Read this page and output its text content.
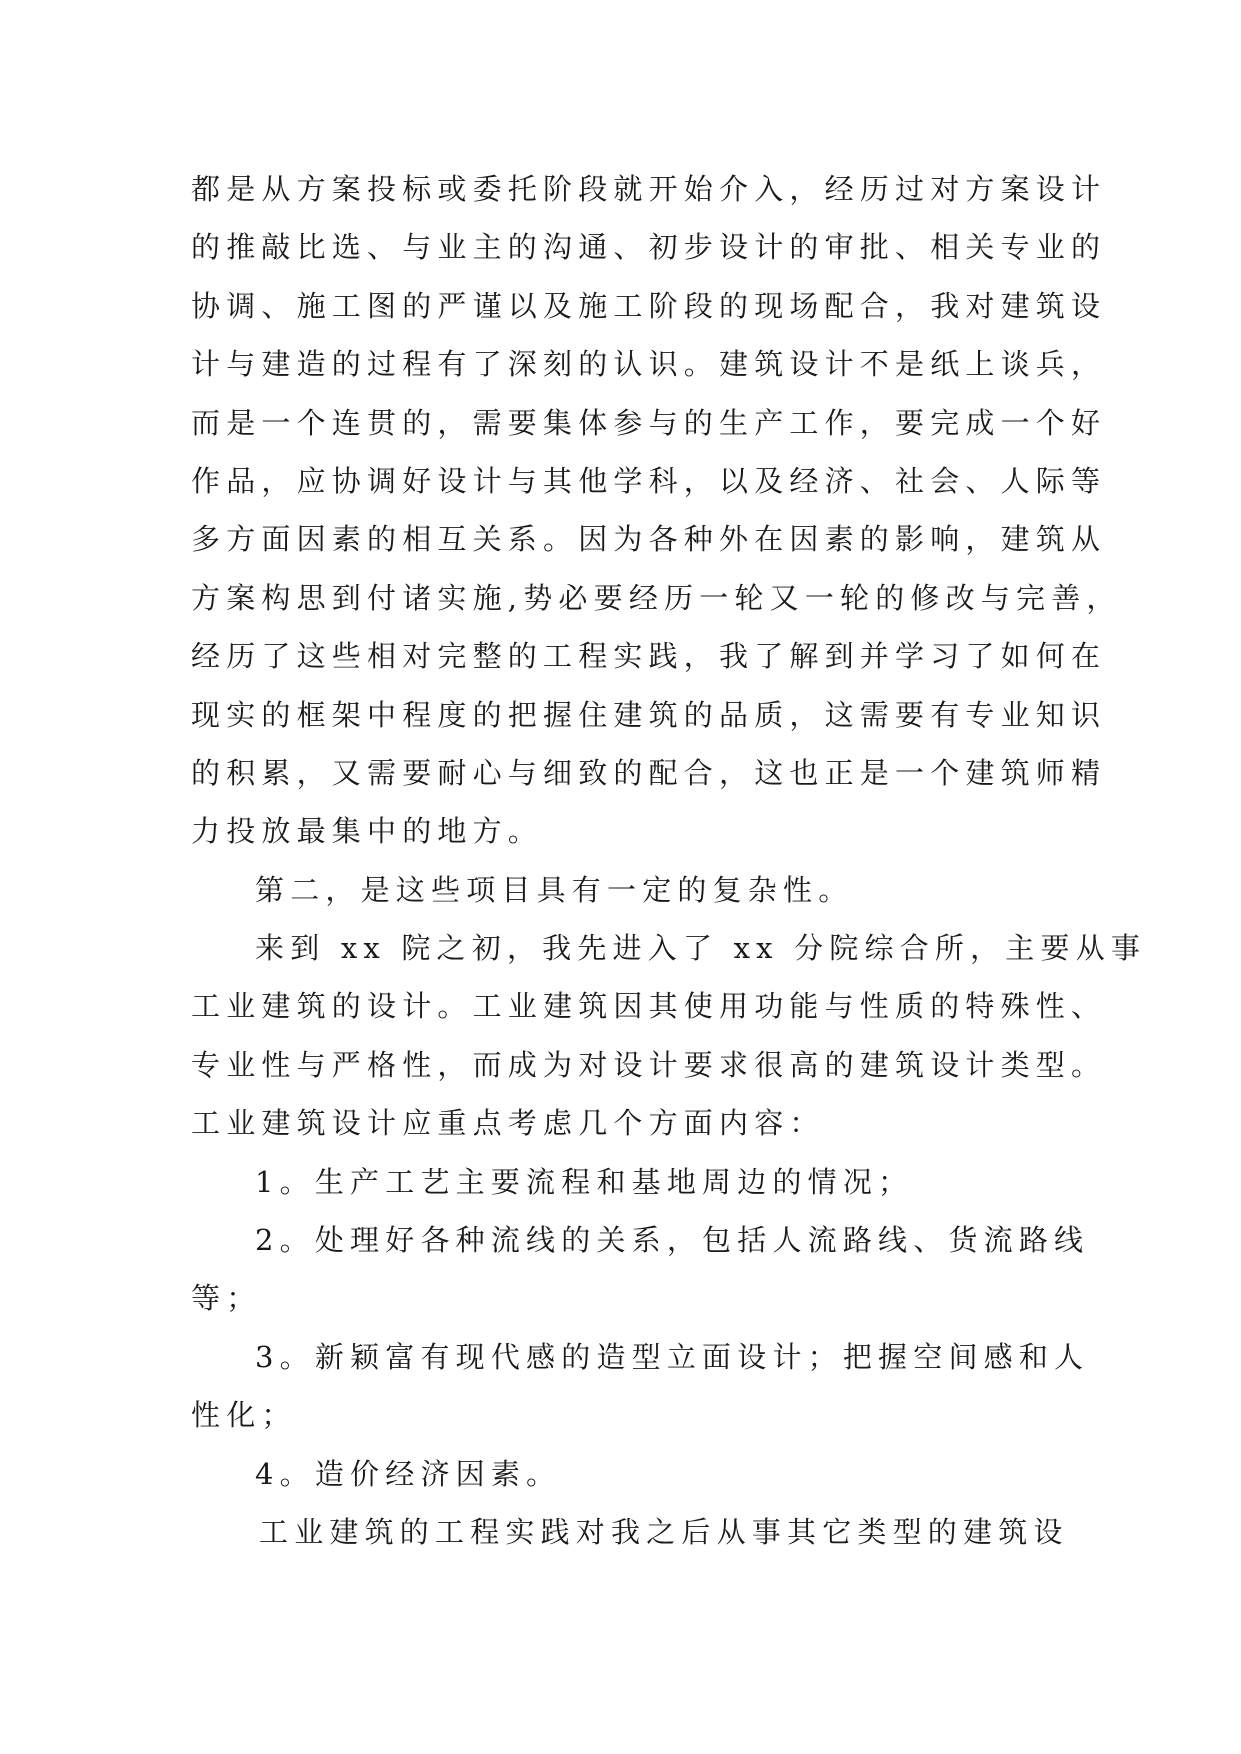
都是从方案投标或委托阶段就开始介入，经历过对方案设计
的推敲比选、与业主的沟通、初步设计的审批、相关专业的
协调、施工图的严谨以及施工阶段的现场配合，我对建筑设
计与建造的过程有了深刻的认识。建筑设计不是纸上谈兵，
而是一个连贯的，需要集体参与的生产工作，要完成一个好
作品，应协调好设计与其他学科，以及经济、社会、人际等
多方面因素的相互关系。因为各种外在因素的影响，建筑从
方案构思到付诸实施,势必要经历一轮又一轮的修改与完善，
经历了这些相对完整的工程实践，我了解到并学习了如何在
现实的框架中程度的把握住建筑的品质，这需要有专业知识
的积累，又需要耐心与细致的配合，这也正是一个建筑师精
力投放最集中的地方。
第二，是这些项目具有一定的复杂性。
来到 xx 院之初，我先进入了 xx 分院综合所，主要从事
工业建筑的设计。工业建筑因其使用功能与性质的特殊性、
专业性与严格性，而成为对设计要求很高的建筑设计类型。
工业建筑设计应重点考虑几个方面内容：
1。生产工艺主要流程和基地周边的情况；
2。处理好各种流线的关系，包括人流路线、货流路线
等；
3。新颖富有现代感的造型立面设计；把握空间感和人
性化；
4。造价经济因素。
工业建筑的工程实践对我之后从事其它类型的建筑设
